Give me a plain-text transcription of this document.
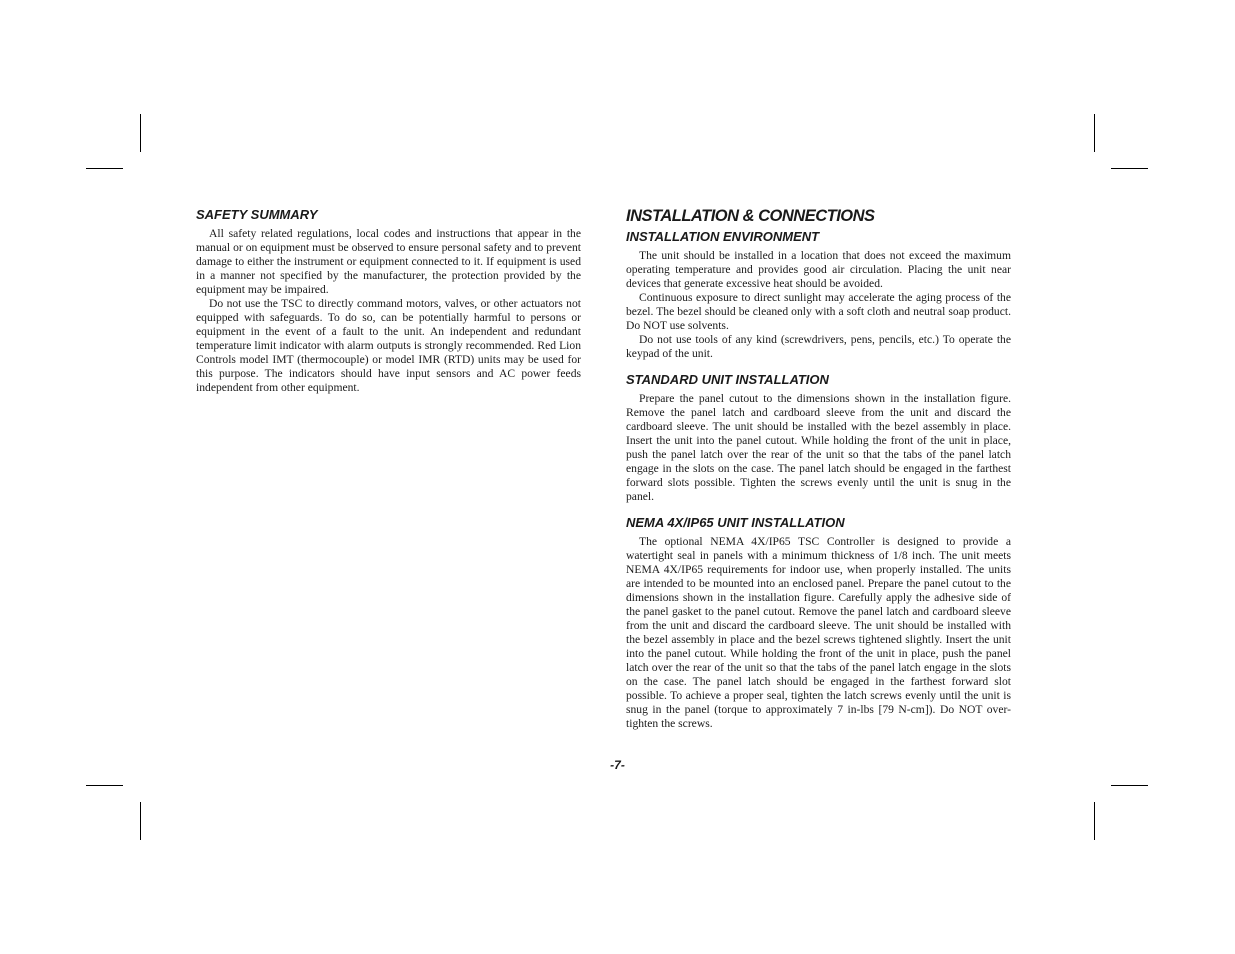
SAFETY SUMMARY

All safety related regulations, local codes and instructions that appear in the manual or on equipment must be observed to ensure personal safety and to prevent damage to either the instrument or equipment connected to it. If equipment is used in a manner not specified by the manufacturer, the protection provided by the equipment may be impaired.

Do not use the TSC to directly command motors, valves, or other actuators not equipped with safeguards. To do so, can be potentially harmful to persons or equipment in the event of a fault to the unit. An independent and redundant temperature limit indicator with alarm outputs is strongly recommended. Red Lion Controls model IMT (thermocouple) or model IMR (RTD) units may be used for this purpose. The indicators should have input sensors and AC power feeds independent from other equipment.

INSTALLATION & CONNECTIONS
INSTALLATION ENVIRONMENT

The unit should be installed in a location that does not exceed the maximum operating temperature and provides good air circulation. Placing the unit near devices that generate excessive heat should be avoided.

Continuous exposure to direct sunlight may accelerate the aging process of the bezel. The bezel should be cleaned only with a soft cloth and neutral soap product. Do NOT use solvents.

Do not use tools of any kind (screwdrivers, pens, pencils, etc.) To operate the keypad of the unit.

STANDARD UNIT INSTALLATION

Prepare the panel cutout to the dimensions shown in the installation figure. Remove the panel latch and cardboard sleeve from the unit and discard the cardboard sleeve. The unit should be installed with the bezel assembly in place. Insert the unit into the panel cutout. While holding the front of the unit in place, push the panel latch over the rear of the unit so that the tabs of the panel latch engage in the slots on the case. The panel latch should be engaged in the farthest forward slots possible. Tighten the screws evenly until the unit is snug in the panel.

NEMA 4X/IP65 UNIT INSTALLATION

The optional NEMA 4X/IP65 TSC Controller is designed to provide a watertight seal in panels with a minimum thickness of 1/8 inch. The unit meets NEMA 4X/IP65 requirements for indoor use, when properly installed. The units are intended to be mounted into an enclosed panel. Prepare the panel cutout to the dimensions shown in the installation figure. Carefully apply the adhesive side of the panel gasket to the panel cutout. Remove the panel latch and cardboard sleeve from the unit and discard the cardboard sleeve. The unit should be installed with the bezel assembly in place and the bezel screws tightened slightly. Insert the unit into the panel cutout. While holding the front of the unit in place, push the panel latch over the rear of the unit so that the tabs of the panel latch engage in the slots on the case. The panel latch should be engaged in the farthest forward slot possible. To achieve a proper seal, tighten the latch screws evenly until the unit is snug in the panel (torque to approximately 7 in-lbs [79 N-cm]). Do NOT over-tighten the screws.

-7-
